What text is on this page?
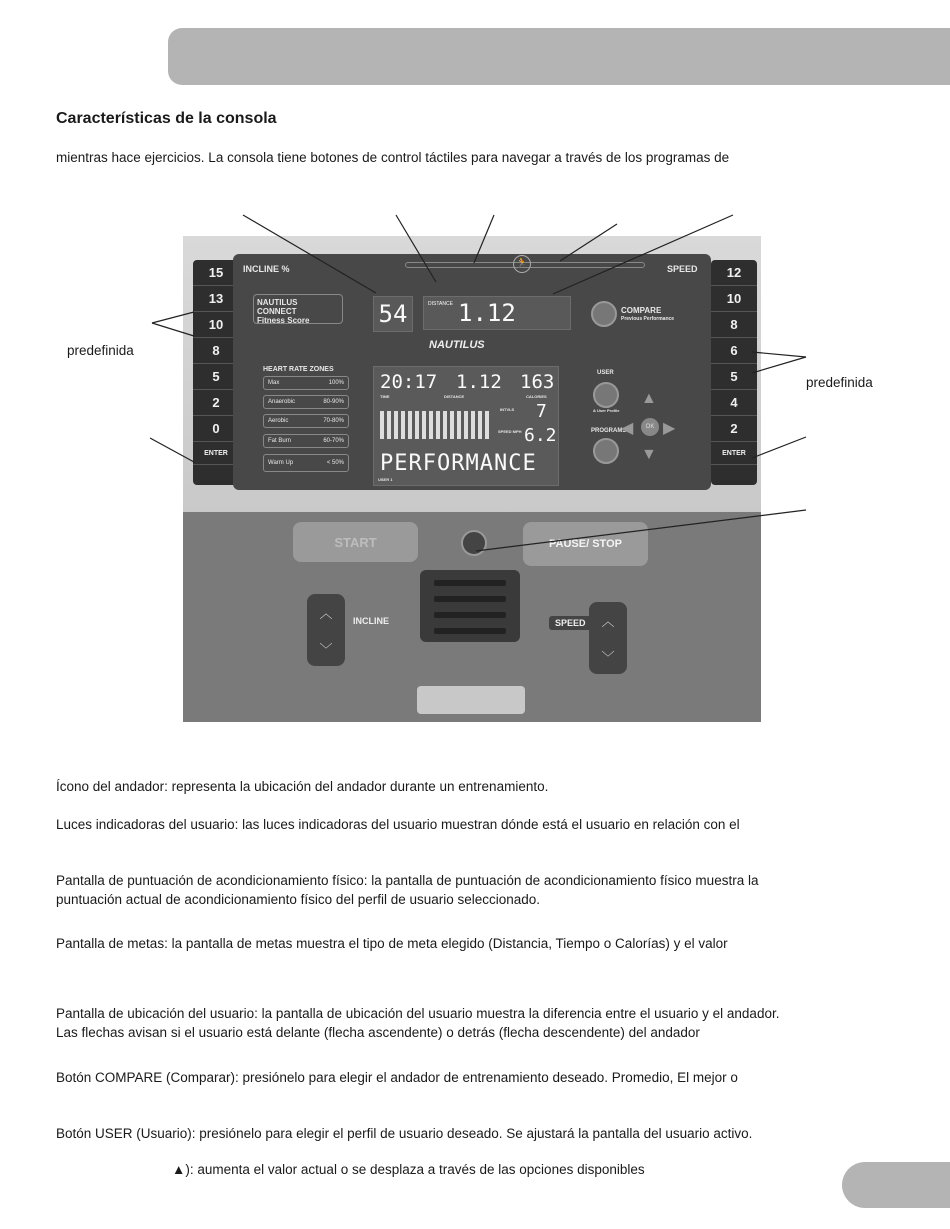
Características de la consola

mientras hace ejercicios. La consola tiene botones de control táctiles para navegar a través de los programas de

15
13
10
8
5
2
0
ENTER
12
10
8
6
5
4
2
ENTER
INCLINE %	SPEED
🏃
NAUTILUS CONNECT
Fitness Score	54	DISTANCE 1.12	COMPARE
Previous Performance
NAUTILUS
HEART RATE ZONES
Max	100%
Anaerobic	80-90%
Aerobic	70-80%
Fat Burn	60-70%
Warm Up	< 50%
20:17 1.12 163
TIME	DISTANCE	CALORIES
INTVLS 7
SPEED MPH 6.2
PERFORMANCE
USER 1
USER
& User Profile
PROGRAMS
▲
◀	OK ▶
▼
START	PAUSE/ STOP
︿
﹀
INCLINE	︿
﹀
SPEED
predefinida
predefinida

Ícono del andador: representa la ubicación del andador durante un entrenamiento.

Luces indicadoras del usuario: las luces indicadoras del usuario muestran dónde está el usuario en relación con el

Pantalla de puntuación de acondicionamiento físico: la pantalla de puntuación de acondicionamiento físico muestra la

puntuación actual de acondicionamiento físico del perfil de usuario seleccionado.

Pantalla de metas: la pantalla de metas muestra el tipo de meta elegido (Distancia, Tiempo o Calorías) y el valor

Pantalla de ubicación del usuario: la pantalla de ubicación del usuario muestra la diferencia entre el usuario y el andador.

Las flechas avisan si el usuario está delante (flecha ascendente) o detrás (flecha descendente) del andador

Botón COMPARE (Comparar): presiónelo para elegir el andador de entrenamiento deseado. Promedio, El mejor o

Botón USER (Usuario): presiónelo para elegir el perfil de usuario deseado. Se ajustará la pantalla del usuario activo.

▲): aumenta el valor actual o se desplaza a través de las opciones disponibles
